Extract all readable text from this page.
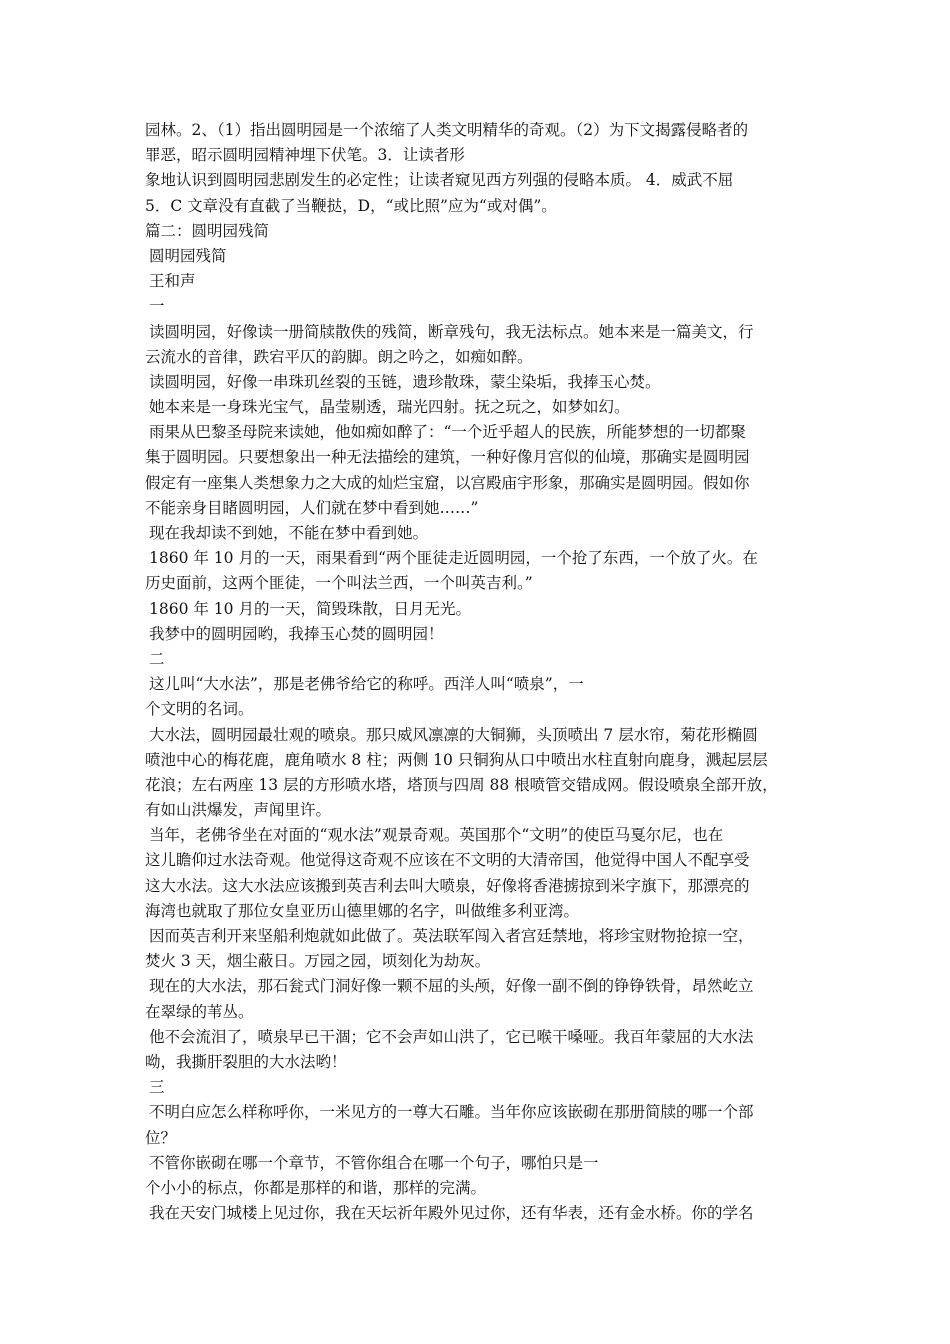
园林。2、（1）指出圆明园是一个浓缩了人类文明精华的奇观。（2）为下文揭露侵略者的
罪恶，昭示圆明园精神埋下伏笔。3．让读者形
象地认识到圆明园悲剧发生的必定性；让读者窥见西方列强的侵略本质。 4．威武不屈
5．C 文章没有直截了当鞭挞，D，“或比照”应为“或对偶”。
篇二：圆明园残简
圆明园残简
王和声
一
读圆明园，好像读一册简牍散佚的残简，断章残句，我无法标点。她本来是一篇美文，行
云流水的音律，跌宕平仄的韵脚。朗之吟之，如痴如醉。
读圆明园，好像一串珠玑丝裂的玉链，遗珍散珠，蒙尘染垢，我捧玉心焚。
她本来是一身珠光宝气，晶莹剔透，瑞光四射。抚之玩之，如梦如幻。
雨果从巴黎圣母院来读她，他如痴如醉了：“一个近乎超人的民族，所能梦想的一切都聚
集于圆明园。只要想象出一种无法描绘的建筑，一种好像月宫似的仙境，那确实是圆明园
假定有一座集人类想象力之大成的灿烂宝窟，以宫殿庙宇形象，那确实是圆明园。假如你
不能亲身目睹圆明园，人们就在梦中看到她……”
现在我却读不到她，不能在梦中看到她。
1860 年 10 月的一天，雨果看到“两个匪徒走近圆明园，一个抢了东西，一个放了火。在
历史面前，这两个匪徒，一个叫法兰西，一个叫英吉利。”
1860 年 10 月的一天，简毁珠散，日月无光。
我梦中的圆明园哟，我捧玉心焚的圆明园！
二
这儿叫“大水法”，那是老佛爷给它的称呼。西洋人叫“喷泉”，一
个文明的名词。
大水法，圆明园最壮观的喷泉。那只威风凛凛的大铜狮，头顶喷出 7 层水帘，菊花形椭圆
喷池中心的梅花鹿，鹿角喷水 8 柱；两侧 10 只铜狗从口中喷出水柱直射向鹿身，溅起层层
花浪；左右两座 13 层的方形喷水塔，塔顶与四周 88 根喷管交错成网。假设喷泉全部开放，
有如山洪爆发，声闻里许。
当年，老佛爷坐在对面的“观水法”观景奇观。英国那个“文明”的使臣马戛尔尼，也在
这儿瞻仰过水法奇观。他觉得这奇观不应该在不文明的大清帝国，他觉得中国人不配享受
这大水法。这大水法应该搬到英吉利去叫大喷泉，好像将香港掳掠到米字旗下，那漂亮的
海湾也就取了那位女皇亚历山德里娜的名字，叫做维多利亚湾。
因而英吉利开来坚船利炮就如此做了。英法联军闯入者宫廷禁地，将珍宝财物抢掠一空，
焚火 3 天，烟尘蔽日。万园之园，顷刻化为劫灰。
现在的大水法，那石瓮式门洞好像一颗不屈的头颅，好像一副不倒的铮铮铁骨，昂然屹立
在翠绿的苇丛。
他不会流泪了，喷泉早已干涸；它不会声如山洪了，它已喉干嗓哑。我百年蒙屈的大水法
呦，我撕肝裂胆的大水法哟！
三
不明白应怎么样称呼你，一米见方的一尊大石雕。当年你应该嵌砌在那册简牍的哪一个部
位？
不管你嵌砌在哪一个章节，不管你组合在哪一个句子，哪怕只是一
个小小的标点，你都是那样的和谐，那样的完满。
我在天安门城楼上见过你，我在天坛祈年殿外见过你，还有华表，还有金水桥。你的学名
